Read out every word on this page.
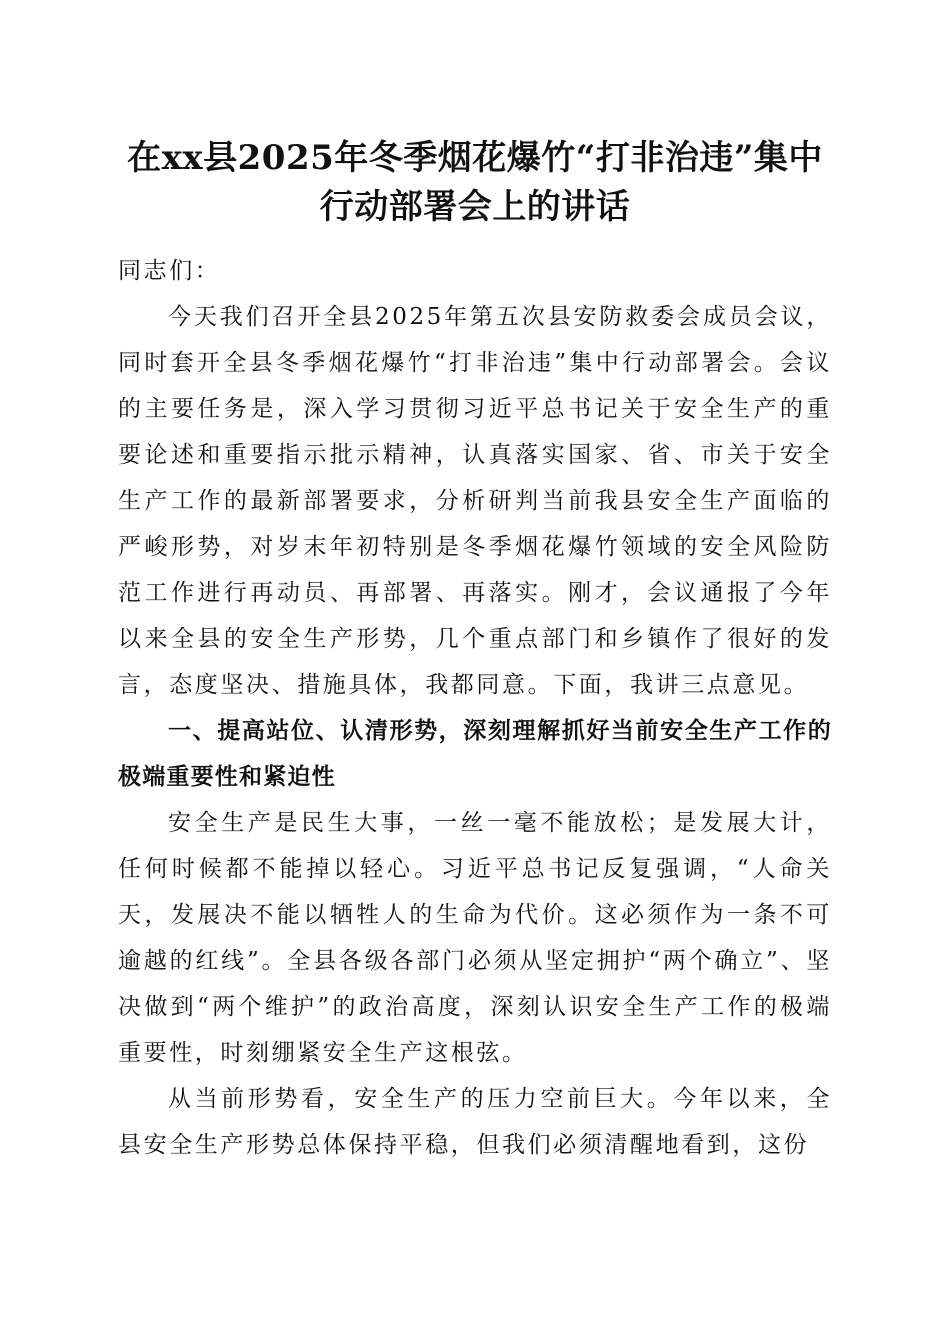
在xx县2025年冬季烟花爆竹“打非治违”集中行动部署会上的讲话

同志们：

今天我们召开全县2025年第五次县安防救委会成员会议，同时套开全县冬季烟花爆竹“打非治违”集中行动部署会。会议的主要任务是，深入学习贯彻习近平总书记关于安全生产的重要论述和重要指示批示精神，认真落实国家、省、市关于安全生产工作的最新部署要求，分析研判当前我县安全生产面临的严峻形势，对岁末年初特别是冬季烟花爆竹领域的安全风险防范工作进行再动员、再部署、再落实。刚才，会议通报了今年以来全县的安全生产形势，几个重点部门和乡镇作了很好的发言，态度坚决、措施具体，我都同意。下面，我讲三点意见。

一、提高站位、认清形势，深刻理解抓好当前安全生产工作的极端重要性和紧迫性

安全生产是民生大事，一丝一毫不能放松；是发展大计，任何时候都不能掉以轻心。习近平总书记反复强调，“人命关天，发展决不能以牺牲人的生命为代价。这必须作为一条不可逾越的红线”。全县各级各部门必须从坚定拥护“两个确立”、坚决做到“两个维护”的政治高度，深刻认识安全生产工作的极端重要性，时刻绷紧安全生产这根弦。

从当前形势看，安全生产的压力空前巨大。今年以来，全县安全生产形势总体保持平稳，但我们必须清醒地看到，这份
